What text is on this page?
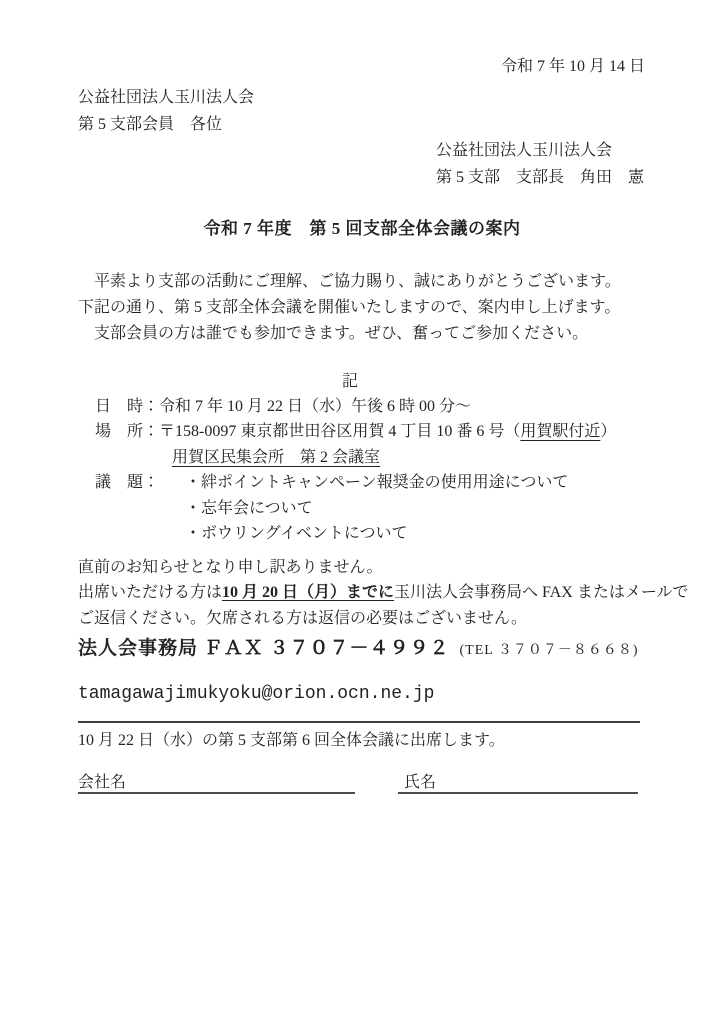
令和 7 年 10 月 14 日
公益社団法人玉川法人会
第 5 支部会員　各位
公益社団法人玉川法人会
第 5 支部　支部長　角田　憲
令和 7 年度　第 5 回支部全体会議の案内
　平素より支部の活動にご理解、ご協力賜り、誠にありがとうございます。
下記の通り、第 5 支部全体会議を開催いたしますので、案内申し上げます。
　支部会員の方は誰でも参加できます。ぜひ、奮ってご参加ください。
記
日　時：令和 7 年 10 月 22 日（水）午後 6 時 00 分～
場　所：〒158-0097 東京都世田谷区用賀 4 丁目 10 番 6 号（用賀駅付近）
用賀区民集会所　第 2 会議室
議　題： ・絆ポイントキャンペーン報奨金の使用用途について
・忘年会について
・ボウリングイベントについて
直前のお知らせとなり申し訳ありません。
出席いただける方は10 月 20 日（月）までに玉川法人会事務局へ FAX またはメールで
ご返信ください。欠席される方は返信の必要はございません。
法人会事務局 ＦＡＸ ３７０７－４９９２ (TEL ３７０７－８６６８)
tamagawajimukyoku@orion.ocn.ne.jp
10 月 22 日（水）の第 5 支部第 6 回全体会議に出席します。
会社名	氏名
